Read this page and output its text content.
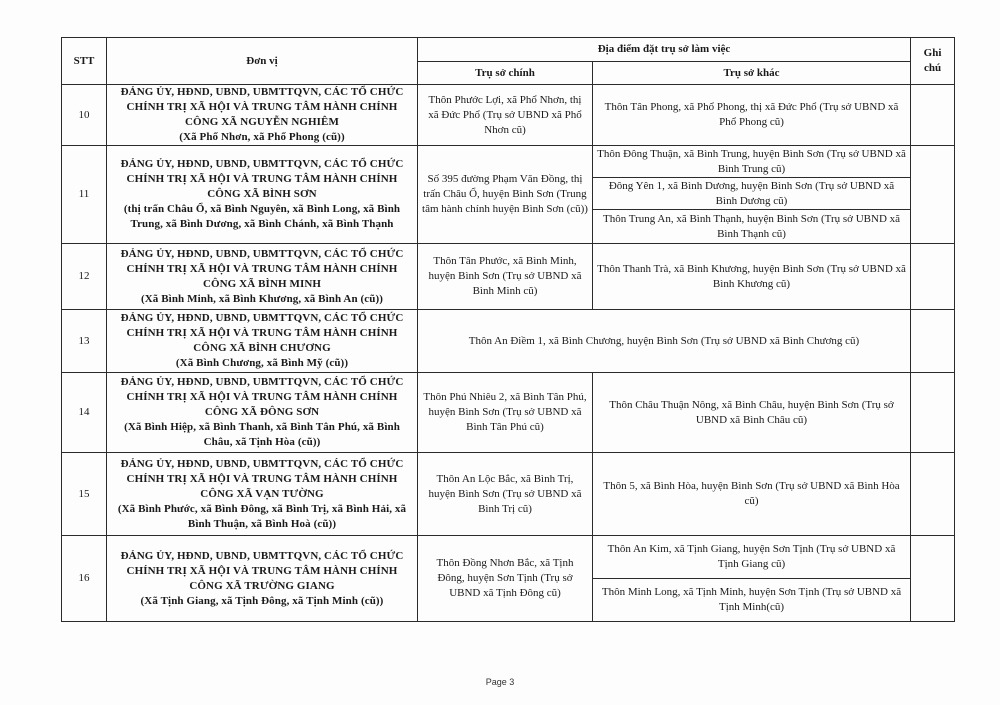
STT	Đơn vị	Địa điểm đặt trụ sở làm việc		Ghi chú
		Trụ sở chính	Trụ sở khác	
10	ĐẢNG ỦY, HĐND, UBND, UBMTTQVN, CÁC TỔ CHỨC CHÍNH TRỊ XÃ HỘI VÀ TRUNG TÂM HÀNH CHÍNH CÔNG XÃ NGUYỄN NGHIÊM
(Xã Phổ Nhơn, xã Phổ Phong (cũ))	Thôn Phước Lợi, xã Phổ Nhơn, thị xã Đức Phổ (Trụ sở UBND xã Phổ Nhơn cũ)	Thôn Tân Phong, xã Phổ Phong, thị xã Đức Phổ (Trụ sở UBND xã Phổ Phong cũ)	
11	ĐẢNG ỦY, HĐND, UBND, UBMTTQVN, CÁC TỔ CHỨC CHÍNH TRỊ XÃ HỘI VÀ TRUNG TÂM HÀNH CHÍNH CÔNG XÃ BÌNH SƠN
(thị trấn Châu Ổ, xã Bình Nguyên, xã Bình Long, xã Bình Trung, xã Bình Dương, xã Bình Chánh, xã Bình Thạnh	Số 395 đường Phạm Văn Đồng, thị trấn Châu Ổ, huyện Bình Sơn (Trung tâm hành chính huyện Bình Sơn (cũ))	Thôn Đông Thuận, xã Bình Trung, huyện Bình Sơn (Trụ sở UBND xã Bình Trung cũ)	
			Đông Yên 1, xã Bình Dương, huyện Bình Sơn (Trụ sở UBND xã Bình Dương cũ)	
			Thôn Trung An, xã Bình Thạnh, huyện Bình Sơn (Trụ sở UBND xã Bình Thạnh cũ)	
12	ĐẢNG ỦY, HĐND, UBND, UBMTTQVN, CÁC TỔ CHỨC CHÍNH TRỊ XÃ HỘI VÀ TRUNG TÂM HÀNH CHÍNH CÔNG XÃ BÌNH MINH
(Xã Bình Minh, xã Bình Khương, xã Bình An (cũ))	Thôn Tân Phước, xã Bình Minh, huyện Bình Sơn (Trụ sở UBND xã Bình Minh cũ)	Thôn Thanh Trà, xã Bình Khương, huyện Bình Sơn (Trụ sở UBND xã Bình Khương cũ)	
13	ĐẢNG ỦY, HĐND, UBND, UBMTTQVN, CÁC TỔ CHỨC CHÍNH TRỊ XÃ HỘI VÀ TRUNG TÂM HÀNH CHÍNH CÔNG XÃ BÌNH CHƯƠNG
(Xã Bình Chương, xã Bình Mỹ (cũ))	Thôn An Điềm 1, xã Bình Chương, huyện Bình Sơn (Trụ sở UBND xã Bình Chương cũ)		
14	ĐẢNG ỦY, HĐND, UBND, UBMTTQVN, CÁC TỔ CHỨC CHÍNH TRỊ XÃ HỘI VÀ TRUNG TÂM HÀNH CHÍNH CÔNG XÃ ĐÔNG SƠN
(Xã Bình Hiệp, xã Bình Thanh, xã Bình Tân Phú, xã Bình Châu, xã Tịnh Hòa (cũ))	Thôn Phú Nhiêu 2, xã Bình Tân Phú, huyện Bình Sơn (Trụ sở UBND xã Bình Tân Phú cũ)	Thôn Châu Thuận Nông, xã Bình Châu, huyện Bình Sơn (Trụ sở UBND xã Bình Châu cũ)	
15	ĐẢNG ỦY, HĐND, UBND, UBMTTQVN, CÁC TỔ CHỨC CHÍNH TRỊ XÃ HỘI VÀ TRUNG TÂM HÀNH CHÍNH CÔNG XÃ VẠN TƯỜNG
(Xã Bình Phước, xã Bình Đông, xã Bình Trị, xã Bình Hải, xã Bình Thuận, xã Bình Hoà (cũ))	Thôn An Lộc Bắc, xã Bình Trị, huyện Bình Sơn (Trụ sở UBND xã Bình Trị cũ)	Thôn 5, xã Bình Hòa, huyện Bình Sơn (Trụ sở UBND xã Bình Hòa cũ)	
16	ĐẢNG ỦY, HĐND, UBND, UBMTTQVN, CÁC TỔ CHỨC CHÍNH TRỊ XÃ HỘI VÀ TRUNG TÂM HÀNH CHÍNH CÔNG XÃ TRƯỜNG GIANG
(Xã Tịnh Giang, xã Tịnh Đông, xã Tịnh Minh (cũ))	Thôn Đồng Nhơn Bắc, xã Tịnh Đông, huyện Sơn Tịnh (Trụ sở UBND xã Tịnh Đông cũ)	Thôn An Kim, xã Tịnh Giang, huyện Sơn Tịnh (Trụ sở UBND xã Tịnh Giang cũ)	
			Thôn Minh Long, xã Tịnh Minh, huyện Sơn Tịnh (Trụ sở UBND xã Tịnh Minh(cũ)	
Page 3
